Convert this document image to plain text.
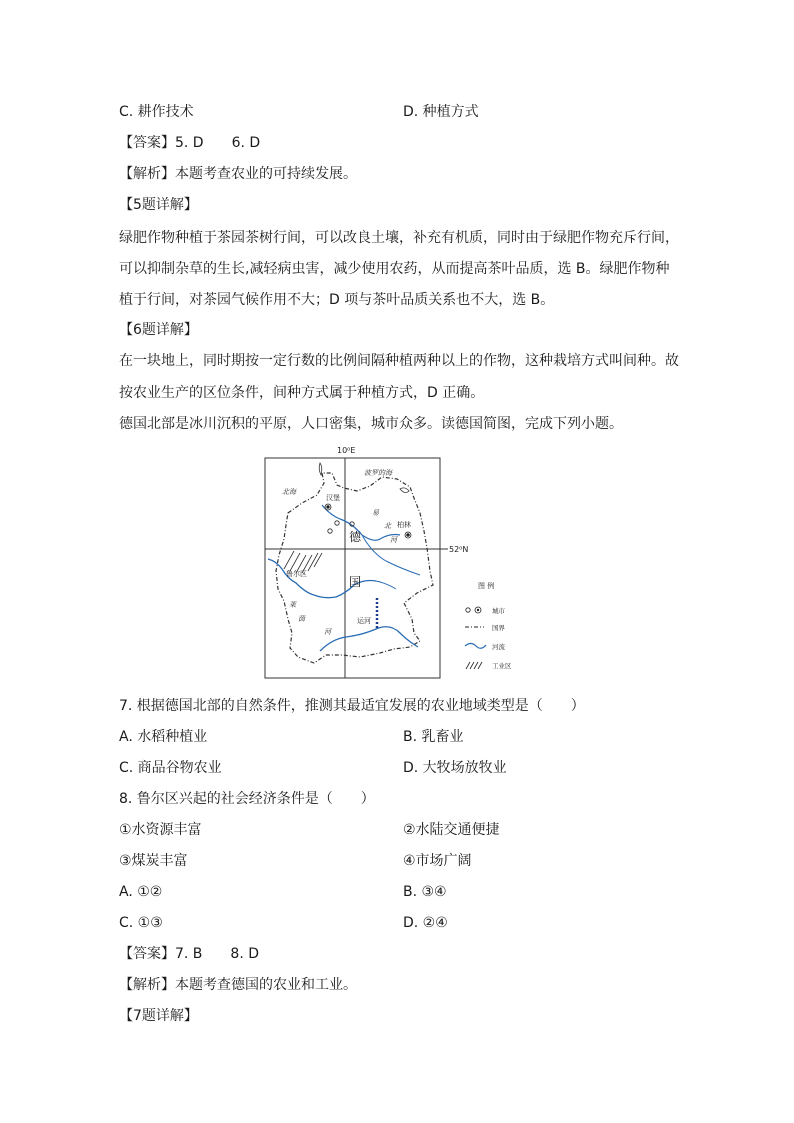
C. 耕作技术	D. 种植方式
【答案】5. D　　6. D
【解析】本题考查农业的可持续发展。
【5题详解】
绿肥作物种植于茶园茶树行间，可以改良土壤，补充有机质，同时由于绿肥作物充斥行间，
可以抑制杂草的生长,减轻病虫害，减少使用农药，从而提高茶叶品质，选 B。绿肥作物种
植于行间，对茶园气候作用不大；D 项与茶叶品质关系也不大，选 B。
【6题详解】
在一块地上，同时期按一定行数的比例间隔种植两种以上的作物，这种栽培方式叫间种。故
按农业生产的区位条件，间种方式属于种植方式，D 正确。
德国北部是冰川沉积的平原，人口密集，城市众多。读德国简图，完成下列小题。
10⁰E
52⁰N
波罗的海
北海
汉堡
柏林
易
北
河
莱
茵
河
德
国
鲁尔区
运河
图 例
城市
国界
河流
工业区
7. 根据德国北部的自然条件，推测其最适宜发展的农业地域类型是（　　）
A. 水稻种植业	B. 乳畜业
C. 商品谷物农业	D. 大牧场放牧业
8. 鲁尔区兴起的社会经济条件是（　　）
①水资源丰富	②水陆交通便捷
③煤炭丰富	④市场广阔
A. ①②	B. ③④
C. ①③	D. ②④
【答案】7. B　　8. D
【解析】本题考查德国的农业和工业。
【7题详解】
